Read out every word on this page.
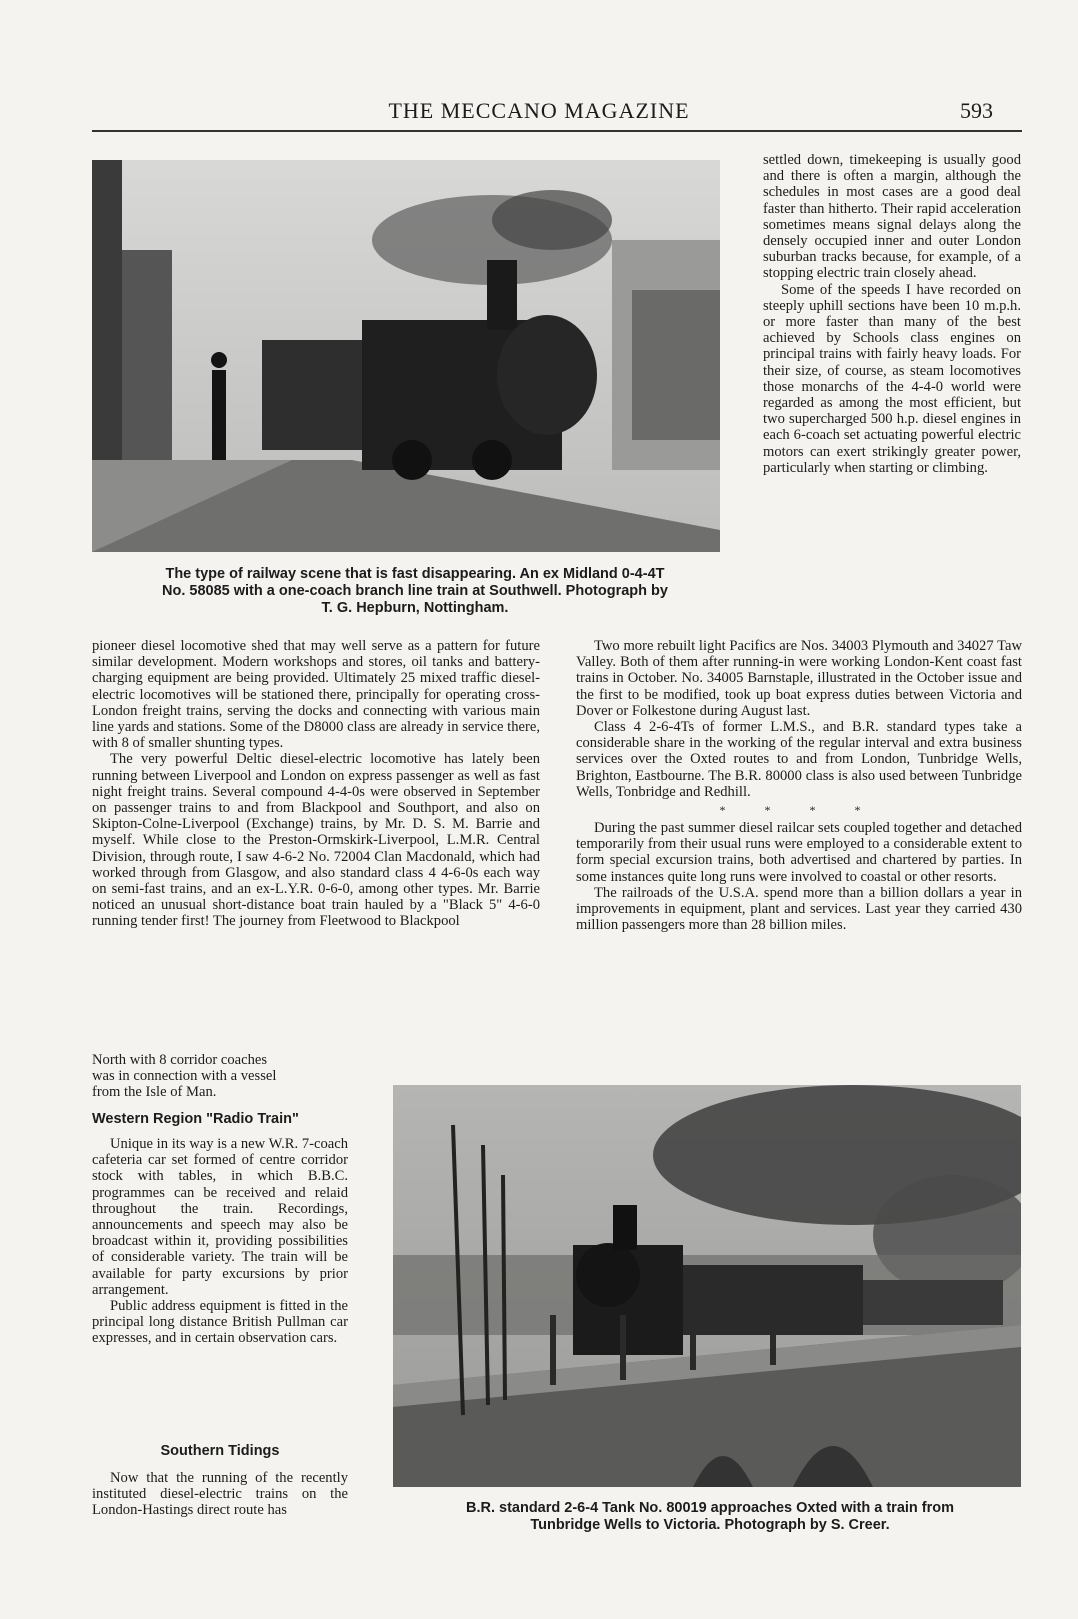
THE MECCANO MAGAZINE	593
The type of railway scene that is fast disappearing. An ex Midland 0-4-4T
No. 58085 with a one-coach branch line train at Southwell. Photograph by
T. G. Hepburn, Nottingham.

settled down, timekeeping is usually good and there is often a margin, although the schedules in most cases are a good deal faster than hitherto. Their rapid acceleration sometimes means signal delays along the densely occupied inner and outer London suburban tracks because, for example, of a stopping electric train closely ahead.

Some of the speeds I have recorded on steeply uphill sections have been 10 m.p.h. or more faster than many of the best achieved by Schools class engines on principal trains with fairly heavy loads. For their size, of course, as steam locomotives those monarchs of the 4-4-0 world were regarded as among the most efficient, but two supercharged 500 h.p. diesel engines in each 6-coach set actuating powerful electric motors can exert strikingly greater power, particularly when starting or climbing.

pioneer diesel locomotive shed that may well serve as a pattern for future similar development. Modern workshops and stores, oil tanks and battery-charging equipment are being provided. Ultimately 25 mixed traffic diesel-electric locomotives will be stationed there, principally for operating cross-London freight trains, serving the docks and connecting with various main line yards and stations. Some of the D8000 class are already in service there, with 8 of smaller shunting types.

The very powerful Deltic diesel-electric locomotive has lately been running between Liverpool and London on express passenger as well as fast night freight trains. Several compound 4-4-0s were observed in September on passenger trains to and from Blackpool and Southport, and also on Skipton-Colne-Liverpool (Exchange) trains, by Mr. D. S. M. Barrie and myself. While close to the Preston-Ormskirk-Liverpool, L.M.R. Central Division, through route, I saw 4-6-2 No. 72004 Clan Macdonald, which had worked through from Glasgow, and also standard class 4 4-6-0s each way on semi-fast trains, and an ex-L.Y.R. 0-6-0, among other types. Mr. Barrie noticed an unusual short-distance boat train hauled by a "Black 5" 4-6-0 running tender first! The journey from Fleetwood to Blackpool

North with 8 corridor coaches
was in connection with a vessel
from the Isle of Man.

Two more rebuilt light Pacifics are Nos. 34003 Plymouth and 34027 Taw Valley. Both of them after running-in were working London-Kent coast fast trains in October. No. 34005 Barnstaple, illustrated in the October issue and the first to be modified, took up boat express duties between Victoria and Dover or Folkestone during August last.

Class 4 2-6-4Ts of former L.M.S., and B.R. standard types take a considerable share in the working of the regular interval and extra business services over the Oxted routes to and from London, Tunbridge Wells, Brighton, Eastbourne. The B.R. 80000 class is also used between Tunbridge Wells, Tonbridge and Redhill.

* * * *

During the past summer diesel railcar sets coupled together and detached temporarily from their usual runs were employed to a considerable extent to form special excursion trains, both advertised and chartered by parties. In some instances quite long runs were involved to coastal or other resorts.

The railroads of the U.S.A. spend more than a billion dollars a year in improvements in equipment, plant and services. Last year they carried 430 million passengers more than 28 billion miles.

Western Region "Radio Train"

Unique in its way is a new W.R. 7-coach cafeteria car set formed of centre corridor stock with tables, in which B.B.C. programmes can be received and relaid throughout the train. Recordings, announcements and speech may also be broadcast within it, providing possibilities of considerable variety. The train will be available for party excursions by prior arrangement.

Public address equipment is fitted in the principal long distance British Pullman car expresses, and in certain observation cars.

Southern Tidings

Now that the running of the recently instituted diesel-electric trains on the London-Hastings direct route has	B.R. standard 2-6-4 Tank No. 80019 approaches Oxted with a train from
Tunbridge Wells to Victoria. Photograph by S. Creer.
